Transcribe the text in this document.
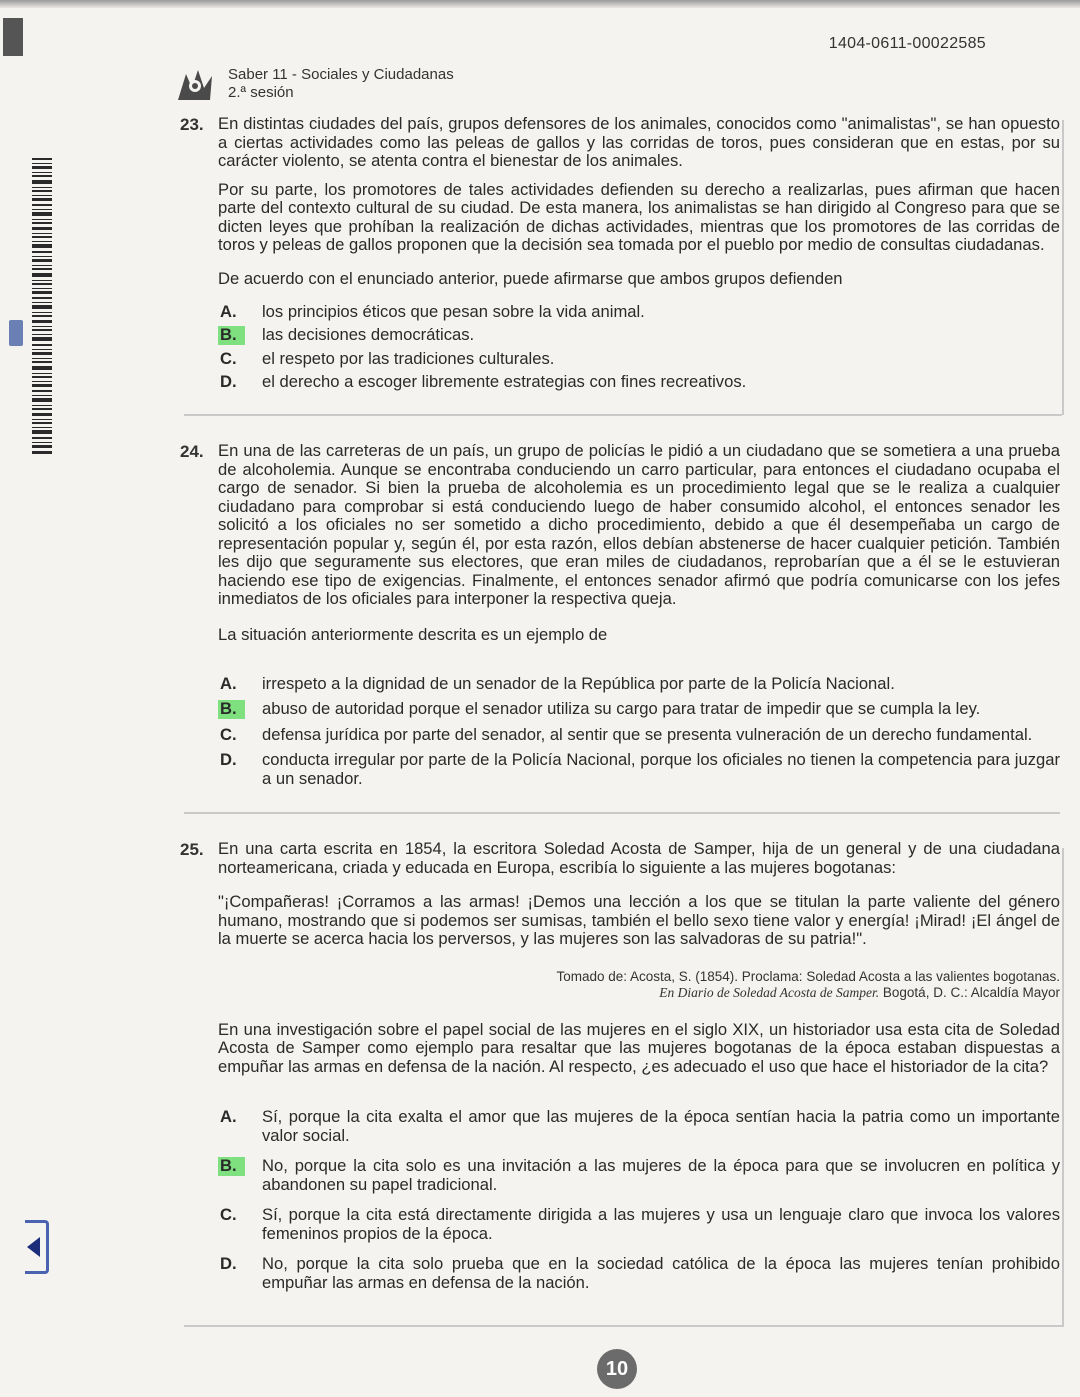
1404-0611-00022585
Saber 11 - Sociales y Ciudadanas
2.ª sesión
23. En distintas ciudades del país, grupos defensores de los animales, conocidos como "animalistas", se han opuesto a ciertas actividades como las peleas de gallos y las corridas de toros, pues consideran que en estas, por su carácter violento, se atenta contra el bienestar de los animales.
Por su parte, los promotores de tales actividades defienden su derecho a realizarlas, pues afirman que hacen parte del contexto cultural de su ciudad. De esta manera, los animalistas se han dirigido al Congreso para que se dicten leyes que prohíban la realización de dichas actividades, mientras que los promotores de las corridas de toros y peleas de gallos proponen que la decisión sea tomada por el pueblo por medio de consultas ciudadanas.
De acuerdo con el enunciado anterior, puede afirmarse que ambos grupos defienden
A.	los principios éticos que pesan sobre la vida animal.
B.	las decisiones democráticas.
C.	el respeto por las tradiciones culturales.
D.	el derecho a escoger libremente estrategias con fines recreativos.
24. En una de las carreteras de un país, un grupo de policías le pidió a un ciudadano que se sometiera a una prueba de alcoholemia. Aunque se encontraba conduciendo un carro particular, para entonces el ciudadano ocupaba el cargo de senador. Si bien la prueba de alcoholemia es un procedimiento legal que se le realiza a cualquier ciudadano para comprobar si está conduciendo luego de haber consumido alcohol, el entonces senador les solicitó a los oficiales no ser sometido a dicho procedimiento, debido a que él desempeñaba un cargo de representación popular y, según él, por esta razón, ellos debían abstenerse de hacer cualquier petición. También les dijo que seguramente sus electores, que eran miles de ciudadanos, reprobarían que a él se le estuvieran haciendo ese tipo de exigencias. Finalmente, el entonces senador afirmó que podría comunicarse con los jefes inmediatos de los oficiales para interponer la respectiva queja.
La situación anteriormente descrita es un ejemplo de
A.	irrespeto a la dignidad de un senador de la República por parte de la Policía Nacional.
B.	abuso de autoridad porque el senador utiliza su cargo para tratar de impedir que se cumpla la ley.
C.	defensa jurídica por parte del senador, al sentir que se presenta vulneración de un derecho fundamental.
D.	conducta irregular por parte de la Policía Nacional, porque los oficiales no tienen la competencia para juzgar a un senador.
25. En una carta escrita en 1854, la escritora Soledad Acosta de Samper, hija de un general y de una ciudadana norteamericana, criada y educada en Europa, escribía lo siguiente a las mujeres bogotanas:
"¡Compañeras! ¡Corramos a las armas! ¡Demos una lección a los que se titulan la parte valiente del género humano, mostrando que si podemos ser sumisas, también el bello sexo tiene valor y energía! ¡Mirad! ¡El ángel de la muerte se acerca hacia los perversos, y las mujeres son las salvadoras de su patria!".
Tomado de: Acosta, S. (1854). Proclama: Soledad Acosta a las valientes bogotanas.
En Diario de Soledad Acosta de Samper. Bogotá, D. C.: Alcaldía Mayor
En una investigación sobre el papel social de las mujeres en el siglo XIX, un historiador usa esta cita de Soledad Acosta de Samper como ejemplo para resaltar que las mujeres bogotanas de la época estaban dispuestas a empuñar las armas en defensa de la nación. Al respecto, ¿es adecuado el uso que hace el historiador de la cita?
A.	Sí, porque la cita exalta el amor que las mujeres de la época sentían hacia la patria como un importante valor social.
B.	No, porque la cita solo es una invitación a las mujeres de la época para que se involucren en política y abandonen su papel tradicional.
C.	Sí, porque la cita está directamente dirigida a las mujeres y usa un lenguaje claro que invoca los valores femeninos propios de la época.
D.	No, porque la cita solo prueba que en la sociedad católica de la época las mujeres tenían prohibido empuñar las armas en defensa de la nación.
10
